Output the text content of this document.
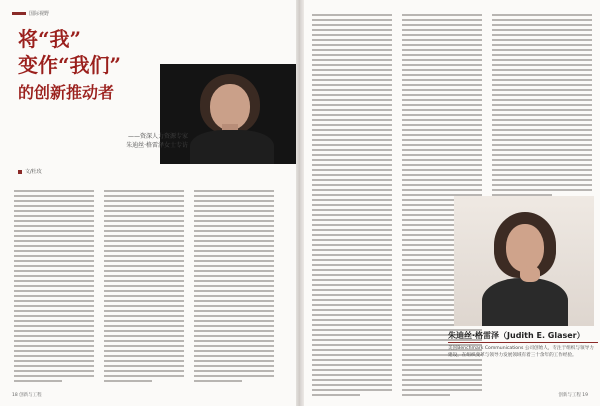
国际视野
将“我”
变作“我们”
的创新推动者
——资深人力资源专家
朱迪丝·格雷泽女士专访
文/杜玫
18 创新与工程
朱迪丝·格雷泽（Judith E. Glaser）
美国Benchmark Communications 公司创始人，专注于组织与领导力建设，在组织变革与领导力发展领域有着三十余年的工作经验。
创新与工程 19
